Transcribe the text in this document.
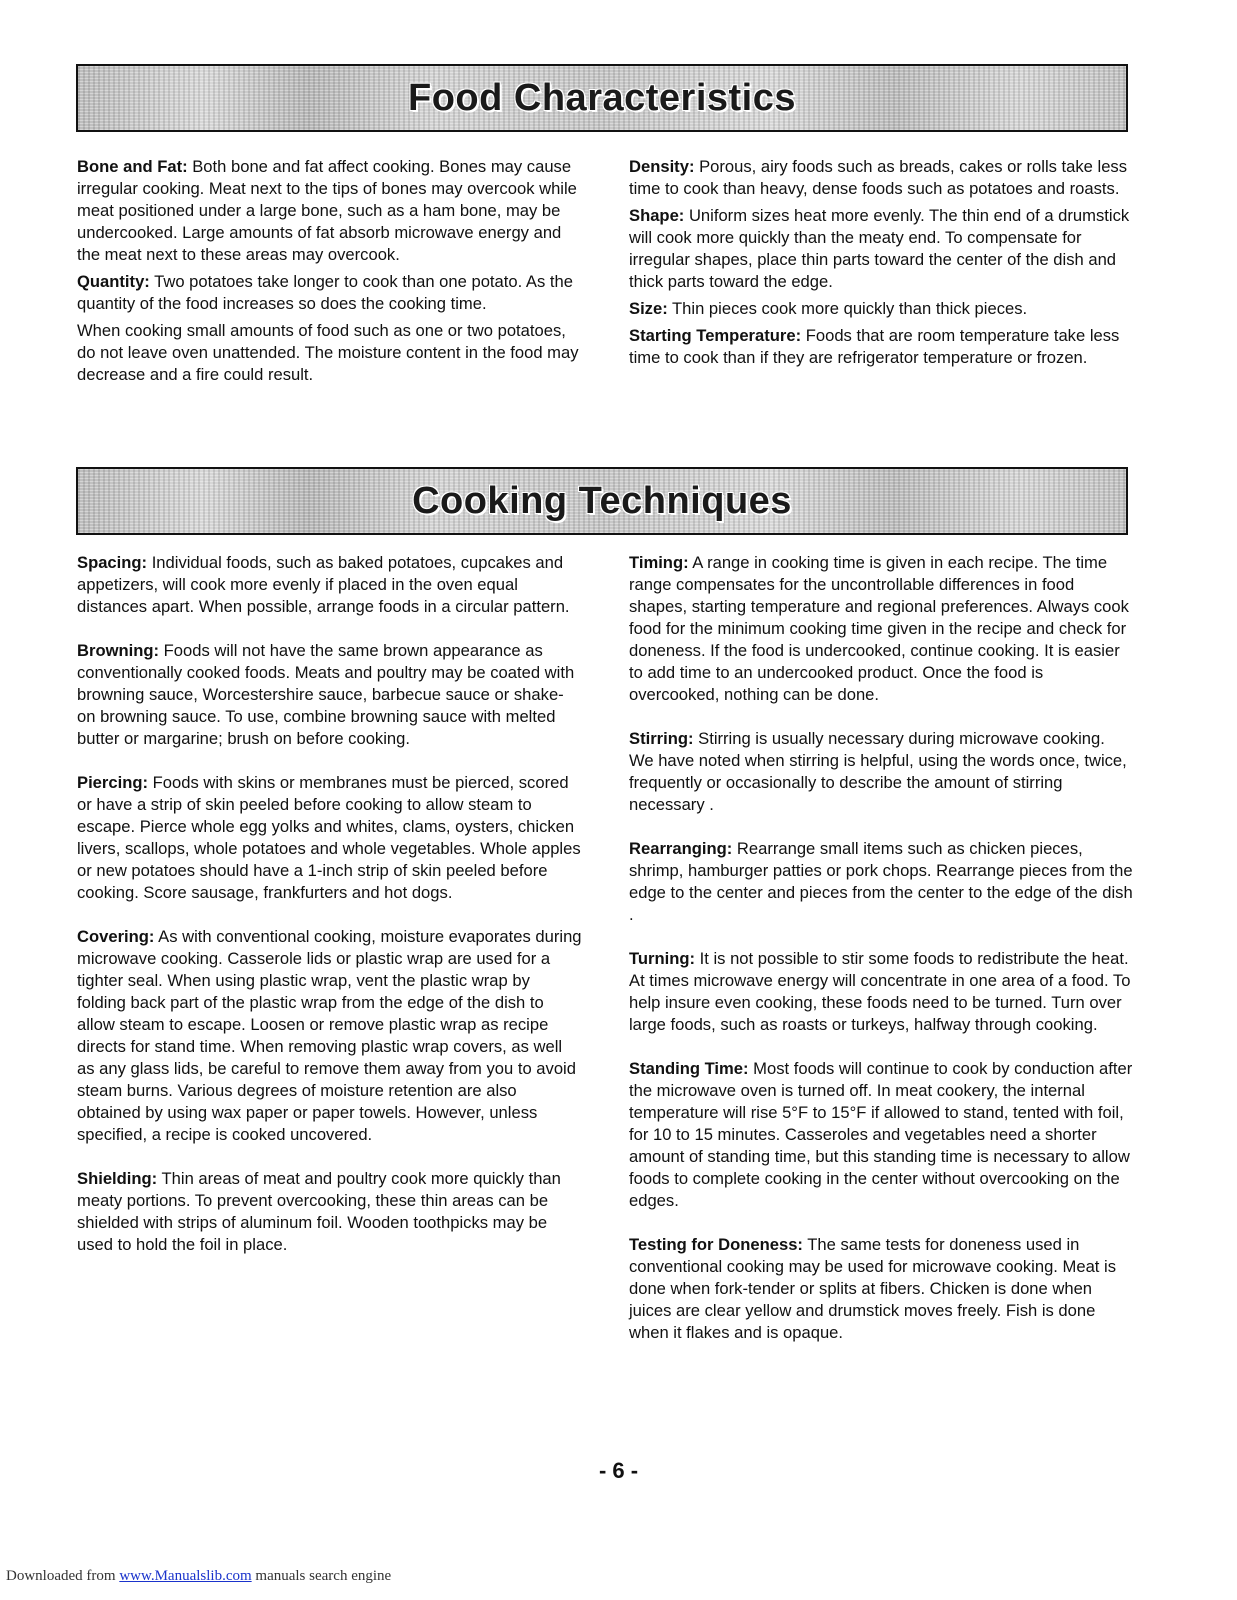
Food Characteristics

Bone and Fat: Both bone and fat affect cooking. Bones may cause irregular cooking. Meat next to the tips of bones may overcook while meat positioned under a large bone, such as a ham bone, may be undercooked. Large amounts of fat absorb microwave energy and the meat next to these areas may overcook.

Quantity: Two potatoes take longer to cook than one potato. As the quantity of the food increases so does the cooking time.

When cooking small amounts of food such as one or two potatoes, do not leave oven unattended. The moisture content in the food may decrease and a fire could result.

Density: Porous, airy foods such as breads, cakes or rolls take less time to cook than heavy, dense foods such as potatoes and roasts.

Shape: Uniform sizes heat more evenly. The thin end of a drumstick will cook more quickly than the meaty end. To compensate for irregular shapes, place thin parts toward the center of the dish and thick parts toward the edge.

Size: Thin pieces cook more quickly than thick pieces.

Starting Temperature: Foods that are room temperature take less time to cook than if they are refrigerator temperature or frozen.

Cooking Techniques

Spacing: Individual foods, such as baked potatoes, cupcakes and appetizers, will cook more evenly if placed in the oven equal distances apart. When possible, arrange foods in a circular pattern.

Browning: Foods will not have the same brown appearance as conventionally cooked foods. Meats and poultry may be coated with browning sauce, Worcestershire sauce, barbecue sauce or shake-on browning sauce. To use, combine browning sauce with melted butter or margarine; brush on before cooking.

Piercing: Foods with skins or membranes must be pierced, scored or have a strip of skin peeled before cooking to allow steam to escape. Pierce whole egg yolks and whites, clams, oysters, chicken livers, scallops, whole potatoes and whole vegetables. Whole apples or new potatoes should have a 1-inch strip of skin peeled before cooking. Score sausage, frankfurters and hot dogs.

Covering: As with conventional cooking, moisture evaporates during microwave cooking. Casserole lids or plastic wrap are used for a tighter seal. When using plastic wrap, vent the plastic wrap by folding back part of the plastic wrap from the edge of the dish to allow steam to escape. Loosen or remove plastic wrap as recipe directs for stand time. When removing plastic wrap covers, as well as any glass lids, be careful to remove them away from you to avoid steam burns. Various degrees of moisture retention are also obtained by using wax paper or paper towels. However, unless specified, a recipe is cooked uncovered.

Shielding: Thin areas of meat and poultry cook more quickly than meaty portions. To prevent overcooking, these thin areas can be shielded with strips of aluminum foil. Wooden toothpicks may be used to hold the foil in place.

Timing: A range in cooking time is given in each recipe. The time range compensates for the uncontrollable differences in food shapes, starting temperature and regional preferences. Always cook food for the minimum cooking time given in the recipe and check for doneness. If the food is undercooked, continue cooking. It is easier to add time to an undercooked product. Once the food is overcooked, nothing can be done.

Stirring: Stirring is usually necessary during microwave cooking. We have noted when stirring is helpful, using the words once, twice, frequently or occasionally to describe the amount of stirring necessary .

Rearranging: Rearrange small items such as chicken pieces, shrimp, hamburger patties or pork chops. Rearrange pieces from the edge to the center and pieces from the center to the edge of the dish .

Turning: It is not possible to stir some foods to redistribute the heat. At times microwave energy will concentrate in one area of a food. To help insure even cooking, these foods need to be turned. Turn over large foods, such as roasts or turkeys, halfway through cooking.

Standing Time: Most foods will continue to cook by conduction after the microwave oven is turned off. In meat cookery, the internal temperature will rise 5°F to 15°F if allowed to stand, tented with foil, for 10 to 15 minutes. Casseroles and vegetables need a shorter amount of standing time, but this standing time is necessary to allow foods to complete cooking in the center without overcooking on the edges.

Testing for Doneness: The same tests for doneness used in conventional cooking may be used for microwave cooking. Meat is done when fork-tender or splits at fibers. Chicken is done when juices are clear yellow and drumstick moves freely. Fish is done when it flakes and is opaque.

- 6 -
Downloaded from www.Manualslib.com manuals search engine
